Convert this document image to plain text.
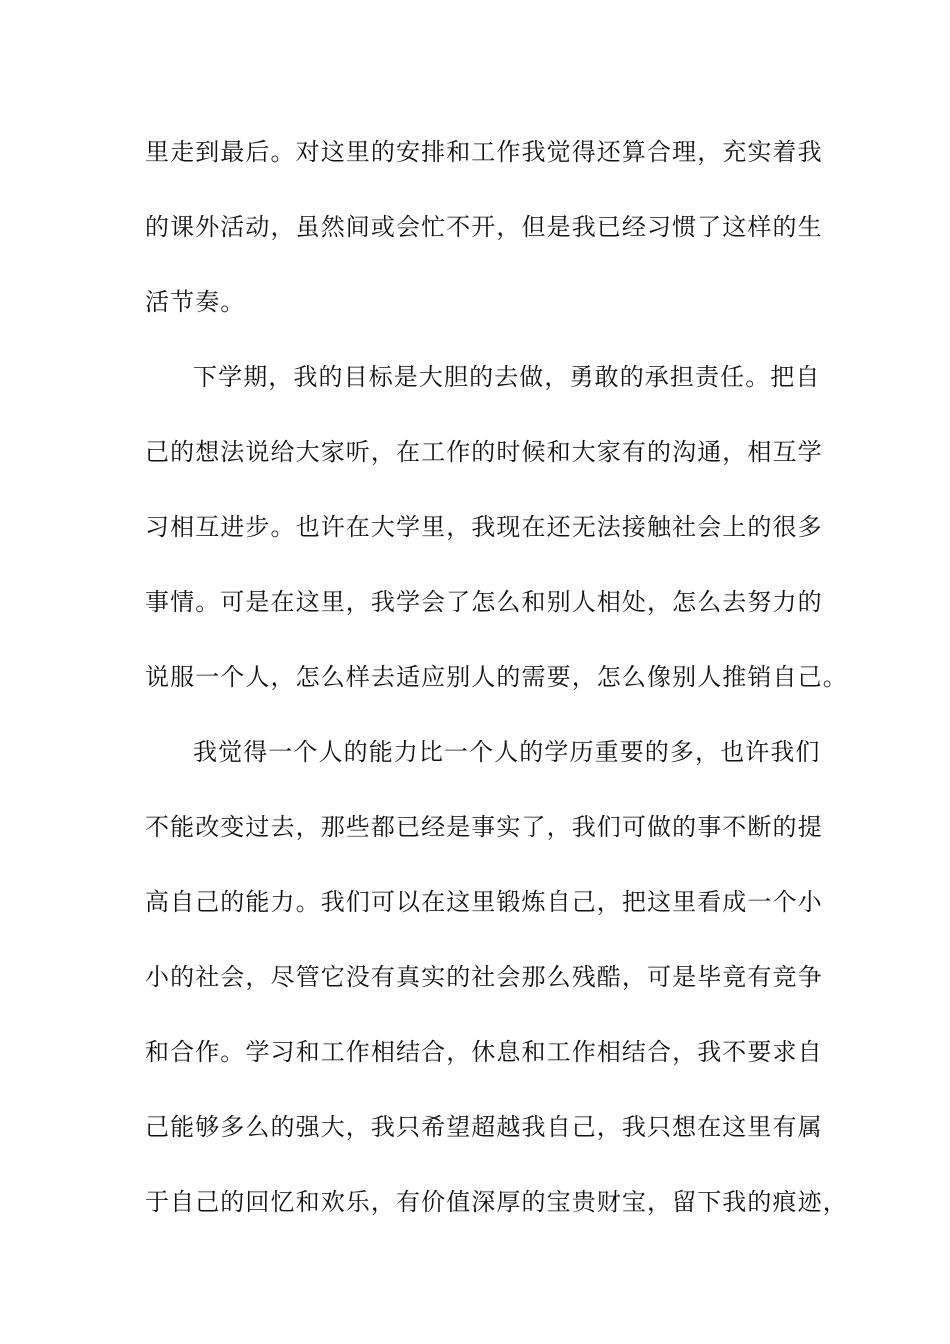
里走到最后。对这里的安排和工作我觉得还算合理，充实着我
的课外活动，虽然间或会忙不开，但是我已经习惯了这样的生
活节奏。
下学期，我的目标是大胆的去做，勇敢的承担责任。把自
己的想法说给大家听，在工作的时候和大家有的沟通，相互学
习相互进步。也许在大学里，我现在还无法接触社会上的很多
事情。可是在这里，我学会了怎么和别人相处，怎么去努力的
说服一个人，怎么样去适应别人的需要，怎么像别人推销自己。
我觉得一个人的能力比一个人的学历重要的多，也许我们
不能改变过去，那些都已经是事实了，我们可做的事不断的提
高自己的能力。我们可以在这里锻炼自己，把这里看成一个小
小的社会，尽管它没有真实的社会那么残酷，可是毕竟有竞争
和合作。学习和工作相结合，休息和工作相结合，我不要求自
己能够多么的强大，我只希望超越我自己，我只想在这里有属
于自己的回忆和欢乐，有价值深厚的宝贵财宝，留下我的痕迹，
